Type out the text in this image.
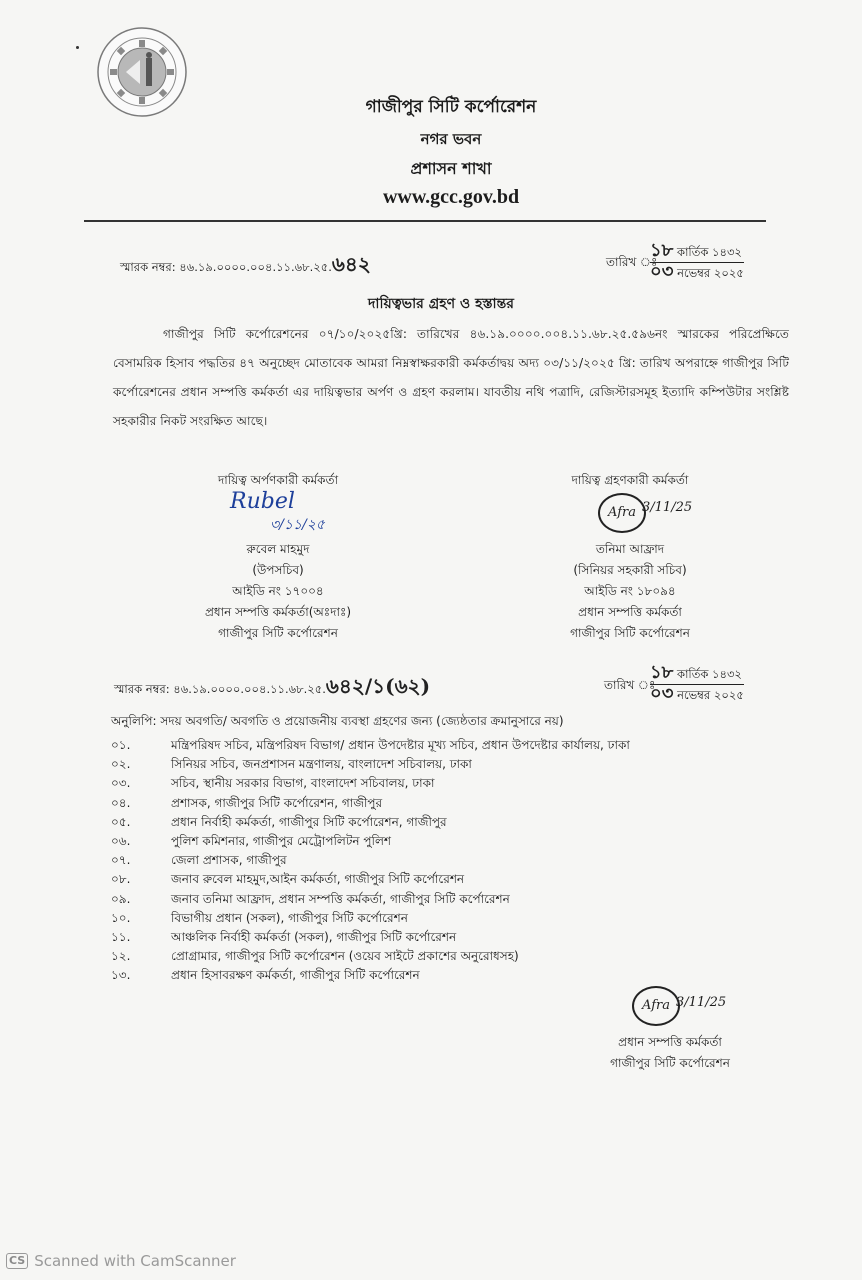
গাজীপুর সিটি কর্পোরেশন
নগর ভবন
প্রশাসন শাখা
www.gcc.gov.bd
স্মারক নম্বর: ৪৬.১৯.০০০০.০০৪.১১.৬৮.২৫.৬৪২	তারিখ ঃ
১৮ কার্তিক ১৪৩২
০৩ নভেম্বর ২০২৫
দায়িত্বভার গ্রহণ ও হস্তান্তর
গাজীপুর সিটি কর্পোরেশনের ০৭/১০/২০২৫খ্রি: তারিখের ৪৬.১৯.০০০০.০০৪.১১.৬৮.২৫.৫৯৬নং স্মারকের পরিপ্রেক্ষিতে বেসামরিক হিসাব পদ্ধতির ৪৭ অনুচ্ছেদ মোতাবেক আমরা নিম্নস্বাক্ষরকারী কর্মকর্তাদ্বয় অদ্য ০৩/১১/২০২৫ খ্রি: তারিখ অপরাহ্নে গাজীপুর সিটি কর্পোরেশনের প্রধান সম্পত্তি কর্মকর্তা এর দায়িত্বভার অর্পণ ও গ্রহণ করলাম। যাবতীয় নথি পত্রাদি, রেজিস্টারসমূহ ইত্যাদি কম্পিউটার সংশ্লিষ্ট সহকারীর নিকট সংরক্ষিত আছে।
দায়িত্ব অর্পণকারী কর্মকর্তা
Rubel
৩/১১/২৫
রুবেল মাহমুদ
(উপসচিব)
আইডি নং ১৭০০৪
প্রধান সম্পত্তি কর্মকর্তা(অঃদাঃ)
গাজীপুর সিটি কর্পোরেশন
দায়িত্ব গ্রহণকারী কর্মকর্তা
Afra 3/11/25
তনিমা আফ্রাদ
(সিনিয়র সহকারী সচিব)
আইডি নং ১৮০৯৪
প্রধান সম্পত্তি কর্মকর্তা
গাজীপুর সিটি কর্পোরেশন
স্মারক নম্বর: ৪৬.১৯.০০০০.০০৪.১১.৬৮.২৫.৬৪২/১(৬২)	তারিখ ঃ
১৮ কার্তিক ১৪৩২
০৩ নভেম্বর ২০২৫
অনুলিপি: সদয় অবগতি/ অবগতি ও প্রয়োজনীয় ব্যবস্থা গ্রহণের জন্য (জ্যেষ্ঠতার ক্রমানুসারে নয়)
০১.	মন্ত্রিপরিষদ সচিব, মন্ত্রিপরিষদ বিভাগ/ প্রধান উপদেষ্টার মূখ্য সচিব, প্রধান উপদেষ্টার কার্যালয়, ঢাকা
০২.	সিনিয়র সচিব, জনপ্রশাসন মন্ত্রণালয়, বাংলাদেশ সচিবালয়, ঢাকা
০৩.	সচিব, স্থানীয় সরকার বিভাগ, বাংলাদেশ সচিবালয়, ঢাকা
০৪.	প্রশাসক, গাজীপুর সিটি কর্পোরেশন, গাজীপুর
০৫.	প্রধান নির্বাহী কর্মকর্তা, গাজীপুর সিটি কর্পোরেশন, গাজীপুর
০৬.	পুলিশ কমিশনার, গাজীপুর মেট্রোপলিটন পুলিশ
০৭.	জেলা প্রশাসক, গাজীপুর
০৮.	জনাব রুবেল মাহমুদ,আইন কর্মকর্তা, গাজীপুর সিটি কর্পোরেশন
০৯.	জনাব তনিমা আফ্রাদ, প্রধান সম্পত্তি কর্মকর্তা, গাজীপুর সিটি কর্পোরেশন
১০.	বিভাগীয় প্রধান (সকল), গাজীপুর সিটি কর্পোরেশন
১১.	আঞ্চলিক নির্বাহী কর্মকর্তা (সকল), গাজীপুর সিটি কর্পোরেশন
১২.	প্রোগ্রামার, গাজীপুর সিটি কর্পোরেশন (ওয়েব সাইটে প্রকাশের অনুরোধসহ)
১৩.	প্রধান হিসাবরক্ষণ কর্মকর্তা, গাজীপুর সিটি কর্পোরেশন
Afra 3/11/25
প্রধান সম্পত্তি কর্মকর্তা
গাজীপুর সিটি কর্পোরেশন
CS Scanned with CamScanner
